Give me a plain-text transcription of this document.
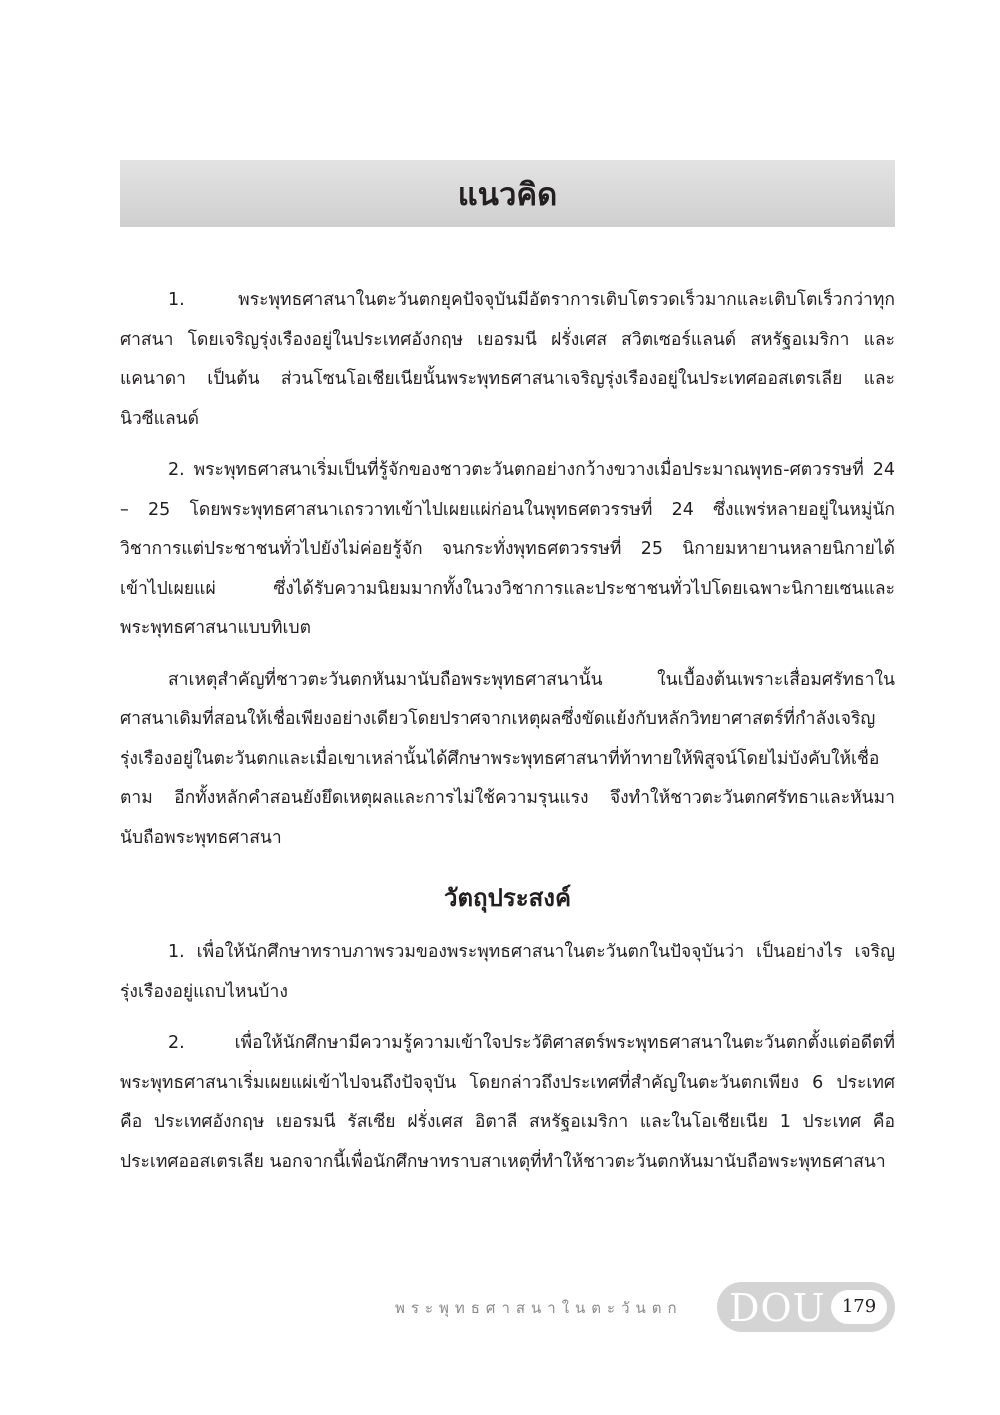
แนวคิด

1. พระพุทธศาสนาในตะวันตกยุคปัจจุบันมีอัตราการเติบโตรวดเร็วมากและเติบโตเร็วกว่าทุกศาสนา โดยเจริญรุ่งเรืองอยู่ในประเทศอังกฤษ เยอรมนี ฝรั่งเศส สวิตเซอร์แลนด์ สหรัฐอเมริกา และแคนาดา เป็นต้น ส่วนโซนโอเชียเนียนั้นพระพุทธศาสนาเจริญรุ่งเรืองอยู่ในประเทศออสเตรเลีย และนิวซีแลนด์

2. พระพุทธศาสนาเริ่มเป็นที่รู้จักของชาวตะวันตกอย่างกว้างขวางเมื่อประมาณพุทธ-ศตวรรษที่ 24 – 25 โดยพระพุทธศาสนาเถรวาทเข้าไปเผยแผ่ก่อนในพุทธศตวรรษที่ 24 ซึ่งแพร่หลายอยู่ในหมู่นักวิชาการแต่ประชาชนทั่วไปยังไม่ค่อยรู้จัก จนกระทั่งพุทธศตวรรษที่ 25 นิกายมหายานหลายนิกายได้เข้าไปเผยแผ่ ซึ่งได้รับความนิยมมากทั้งในวงวิชาการและประชาชนทั่วไปโดยเฉพาะนิกายเซนและพระพุทธศาสนาแบบทิเบต

สาเหตุสำคัญที่ชาวตะวันตกหันมานับถือพระพุทธศาสนานั้น ในเบื้องต้นเพราะเสื่อมศรัทธาในศาสนาเดิมที่สอนให้เชื่อเพียงอย่างเดียวโดยปราศจากเหตุผลซึ่งขัดแย้งกับหลักวิทยาศาสตร์ที่กำลังเจริญรุ่งเรืองอยู่ในตะวันตกและเมื่อเขาเหล่านั้นได้ศึกษาพระพุทธศาสนาที่ท้าทายให้พิสูจน์โดยไม่บังคับให้เชื่อตาม อีกทั้งหลักคำสอนยังยึดเหตุผลและการไม่ใช้ความรุนแรง จึงทำให้ชาวตะวันตกศรัทธาและหันมานับถือพระพุทธศาสนา

วัตถุประสงค์

1. เพื่อให้นักศึกษาทราบภาพรวมของพระพุทธศาสนาในตะวันตกในปัจจุบันว่า เป็นอย่างไร เจริญรุ่งเรืองอยู่แถบไหนบ้าง

2. เพื่อให้นักศึกษามีความรู้ความเข้าใจประวัติศาสตร์พระพุทธศาสนาในตะวันตกตั้งแต่อดีตที่พระพุทธศาสนาเริ่มเผยแผ่เข้าไปจนถึงปัจจุบัน โดยกล่าวถึงประเทศที่สำคัญในตะวันตกเพียง 6 ประเทศ คือ ประเทศอังกฤษ เยอรมนี รัสเซีย ฝรั่งเศส อิตาลี สหรัฐอเมริกา และในโอเชียเนีย 1 ประเทศ คือ ประเทศออสเตรเลีย นอกจากนี้เพื่อนักศึกษาทราบสาเหตุที่ทำให้ชาวตะวันตกหันมานับถือพระพุทธศาสนา

พระพุทธศาสนาในตะวันตก DOU 179
